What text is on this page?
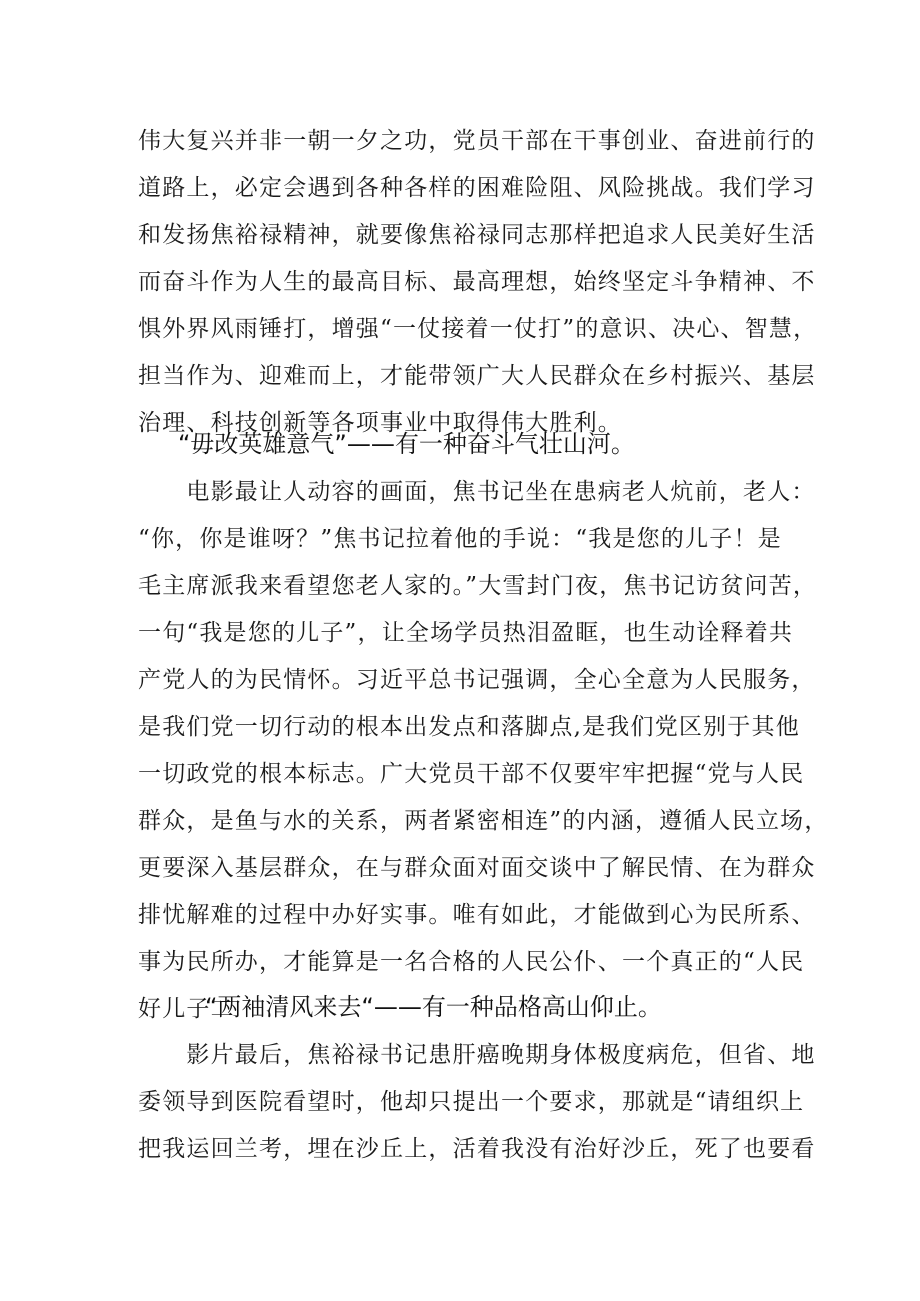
伟大复兴并非一朝一夕之功，党员干部在干事创业、奋进前行的
道路上，必定会遇到各种各样的困难险阻、风险挑战。我们学习
和发扬焦裕禄精神，就要像焦裕禄同志那样把追求人民美好生活
而奋斗作为人生的最高目标、最高理想，始终坚定斗争精神、不
惧外界风雨锤打，增强“一仗接着一仗打”的意识、决心、智慧，
担当作为、迎难而上，才能带领广大人民群众在乡村振兴、基层
治理、科技创新等各项事业中取得伟大胜利。
“毋改英雄意气”——有一种奋斗气壮山河。
　　电影最让人动容的画面，焦书记坐在患病老人炕前，老人：
“你，你是谁呀？”焦书记拉着他的手说：“我是您的儿子！是
毛主席派我来看望您老人家的。”大雪封门夜，焦书记访贫问苦，
一句“我是您的儿子”，让全场学员热泪盈眶，也生动诠释着共
产党人的为民情怀。习近平总书记强调，全心全意为人民服务，
是我们党一切行动的根本出发点和落脚点,是我们党区别于其他
一切政党的根本标志。广大党员干部不仅要牢牢把握“党与人民
群众，是鱼与水的关系，两者紧密相连”的内涵，遵循人民立场，
更要深入基层群众，在与群众面对面交谈中了解民情、在为群众
排忧解难的过程中办好实事。唯有如此，才能做到心为民所系、
事为民所办，才能算是一名合格的人民公仆、一个真正的“人民
好儿子二
“两袖清风来去“——有一种品格高山仰止。
　　影片最后，焦裕禄书记患肝癌晚期身体极度病危，但省、地
委领导到医院看望时，他却只提出一个要求，那就是“请组织上
把我运回兰考，埋在沙丘上，活着我没有治好沙丘，死了也要看
